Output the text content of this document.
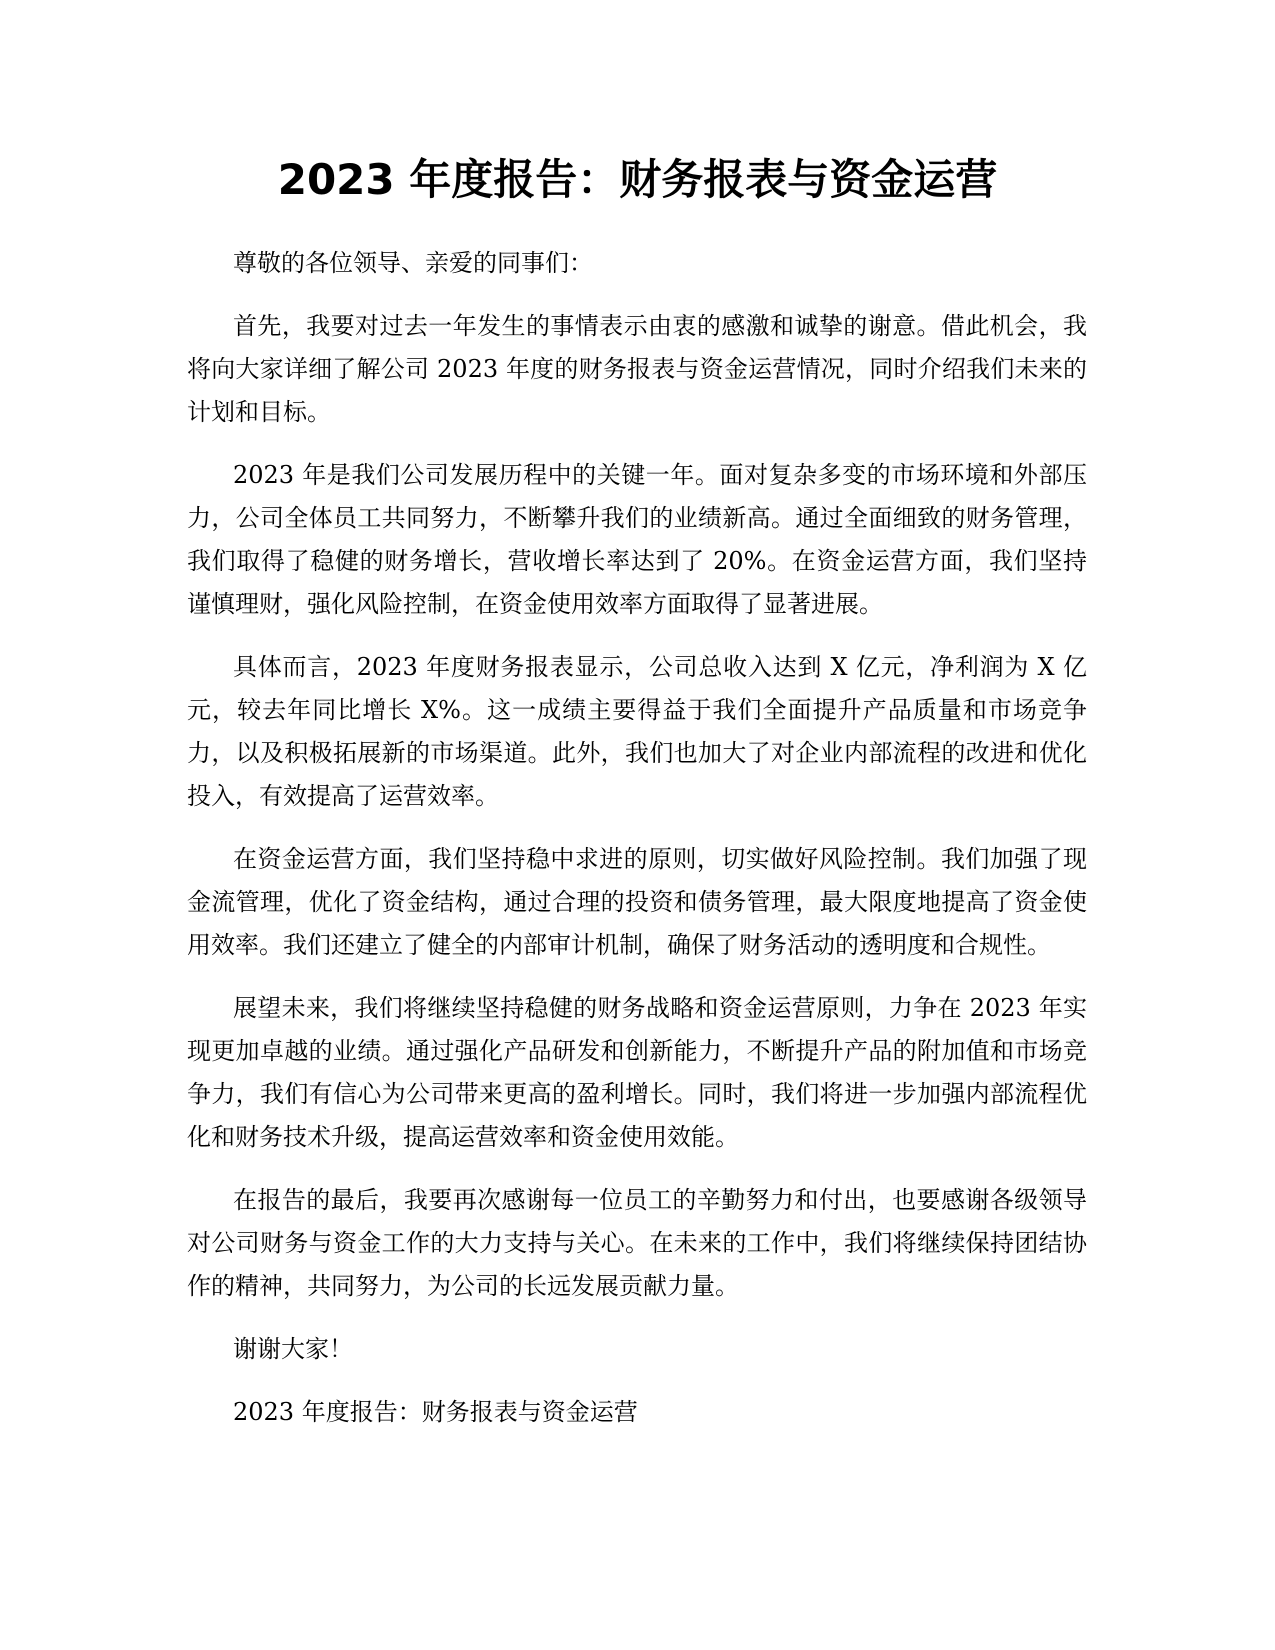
2023 年度报告：财务报表与资金运营

尊敬的各位领导、亲爱的同事们：

首先，我要对过去一年发生的事情表示由衷的感激和诚挚的谢意。借此机会，我将向大家详细了解公司 2023 年度的财务报表与资金运营情况，同时介绍我们未来的计划和目标。

2023 年是我们公司发展历程中的关键一年。面对复杂多变的市场环境和外部压力，公司全体员工共同努力，不断攀升我们的业绩新高。通过全面细致的财务管理，我们取得了稳健的财务增长，营收增长率达到了 20%。在资金运营方面，我们坚持谨慎理财，强化风险控制，在资金使用效率方面取得了显著进展。

具体而言，2023 年度财务报表显示，公司总收入达到 X 亿元，净利润为 X 亿元，较去年同比增长 X%。这一成绩主要得益于我们全面提升产品质量和市场竞争力，以及积极拓展新的市场渠道。此外，我们也加大了对企业内部流程的改进和优化投入，有效提高了运营效率。

在资金运营方面，我们坚持稳中求进的原则，切实做好风险控制。我们加强了现金流管理，优化了资金结构，通过合理的投资和债务管理，最大限度地提高了资金使用效率。我们还建立了健全的内部审计机制，确保了财务活动的透明度和合规性。

展望未来，我们将继续坚持稳健的财务战略和资金运营原则，力争在 2023 年实现更加卓越的业绩。通过强化产品研发和创新能力，不断提升产品的附加值和市场竞争力，我们有信心为公司带来更高的盈利增长。同时，我们将进一步加强内部流程优化和财务技术升级，提高运营效率和资金使用效能。

在报告的最后，我要再次感谢每一位员工的辛勤努力和付出，也要感谢各级领导对公司财务与资金工作的大力支持与关心。在未来的工作中，我们将继续保持团结协作的精神，共同努力，为公司的长远发展贡献力量。

谢谢大家！

2023 年度报告：财务报表与资金运营
